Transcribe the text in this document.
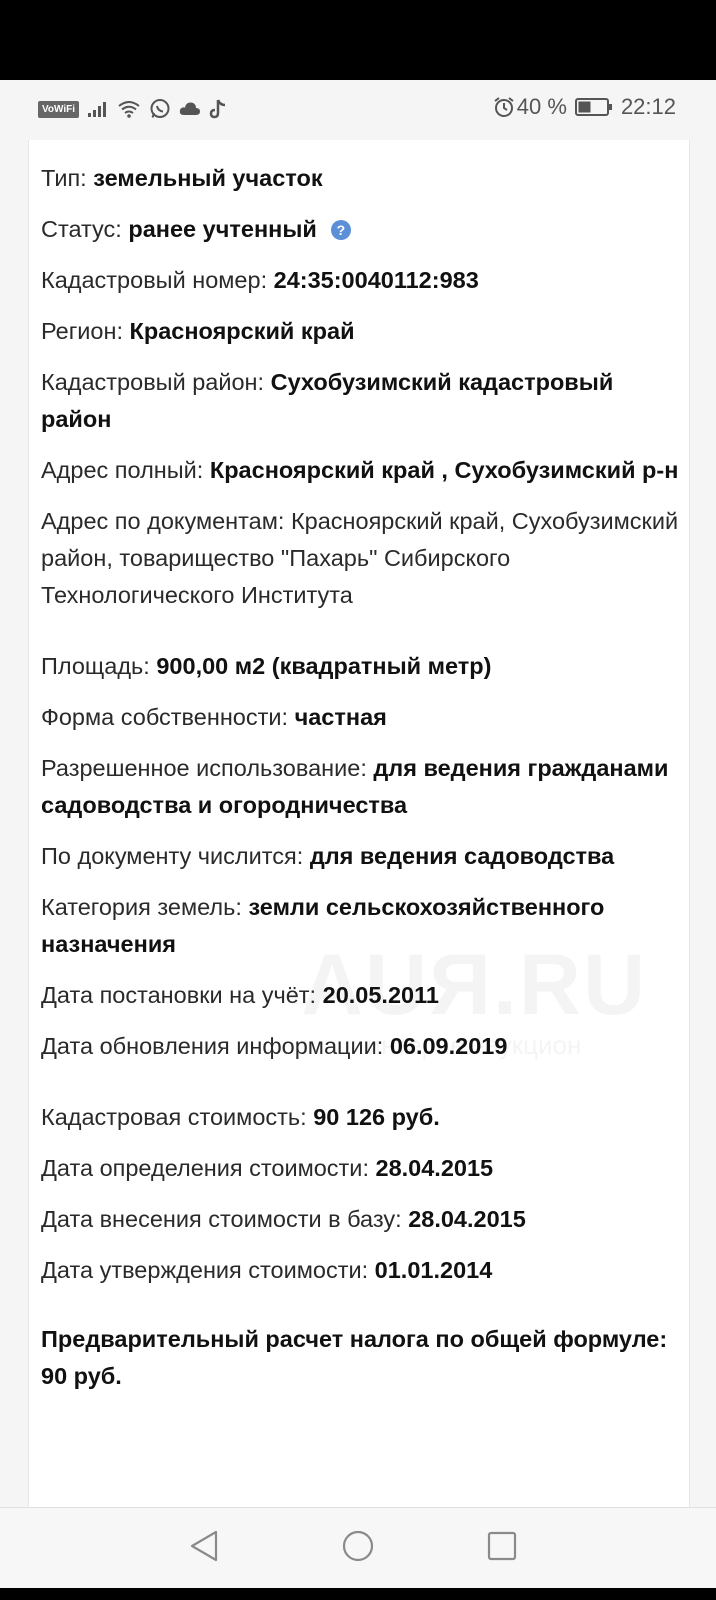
VoWiFi	40 % 22:12
Тип: земельный участок
Статус: ранее учтенный ?
Кадастровый номер: 24:35:0040112:983
Регион: Красноярский край
Кадастровый район: Сухобузимский кадастровый район
Адрес полный: Красноярский край , Сухобузимский р-н
Адрес по документам: Красноярский край, Сухобузимский район, товарищество "Пахарь" Сибирского Технологического Института
Площадь: 900,00 м2 (квадратный метр)
Форма собственности: частная
Разрешенное использование: для ведения гражданами садоводства и огородничества
По документу числится: для ведения садоводства
Категория земель: земли сельскохозяйственного назначения
Дата постановки на учёт: 20.05.2011
Дата обновления информации: 06.09.2019
Кадастровая стоимость: 90 126 руб.
Дата определения стоимости: 28.04.2015
Дата внесения стоимости в базу: 28.04.2015
Дата утверждения стоимости: 01.01.2014
Предварительный расчет налога по общей формуле: 90 руб.
